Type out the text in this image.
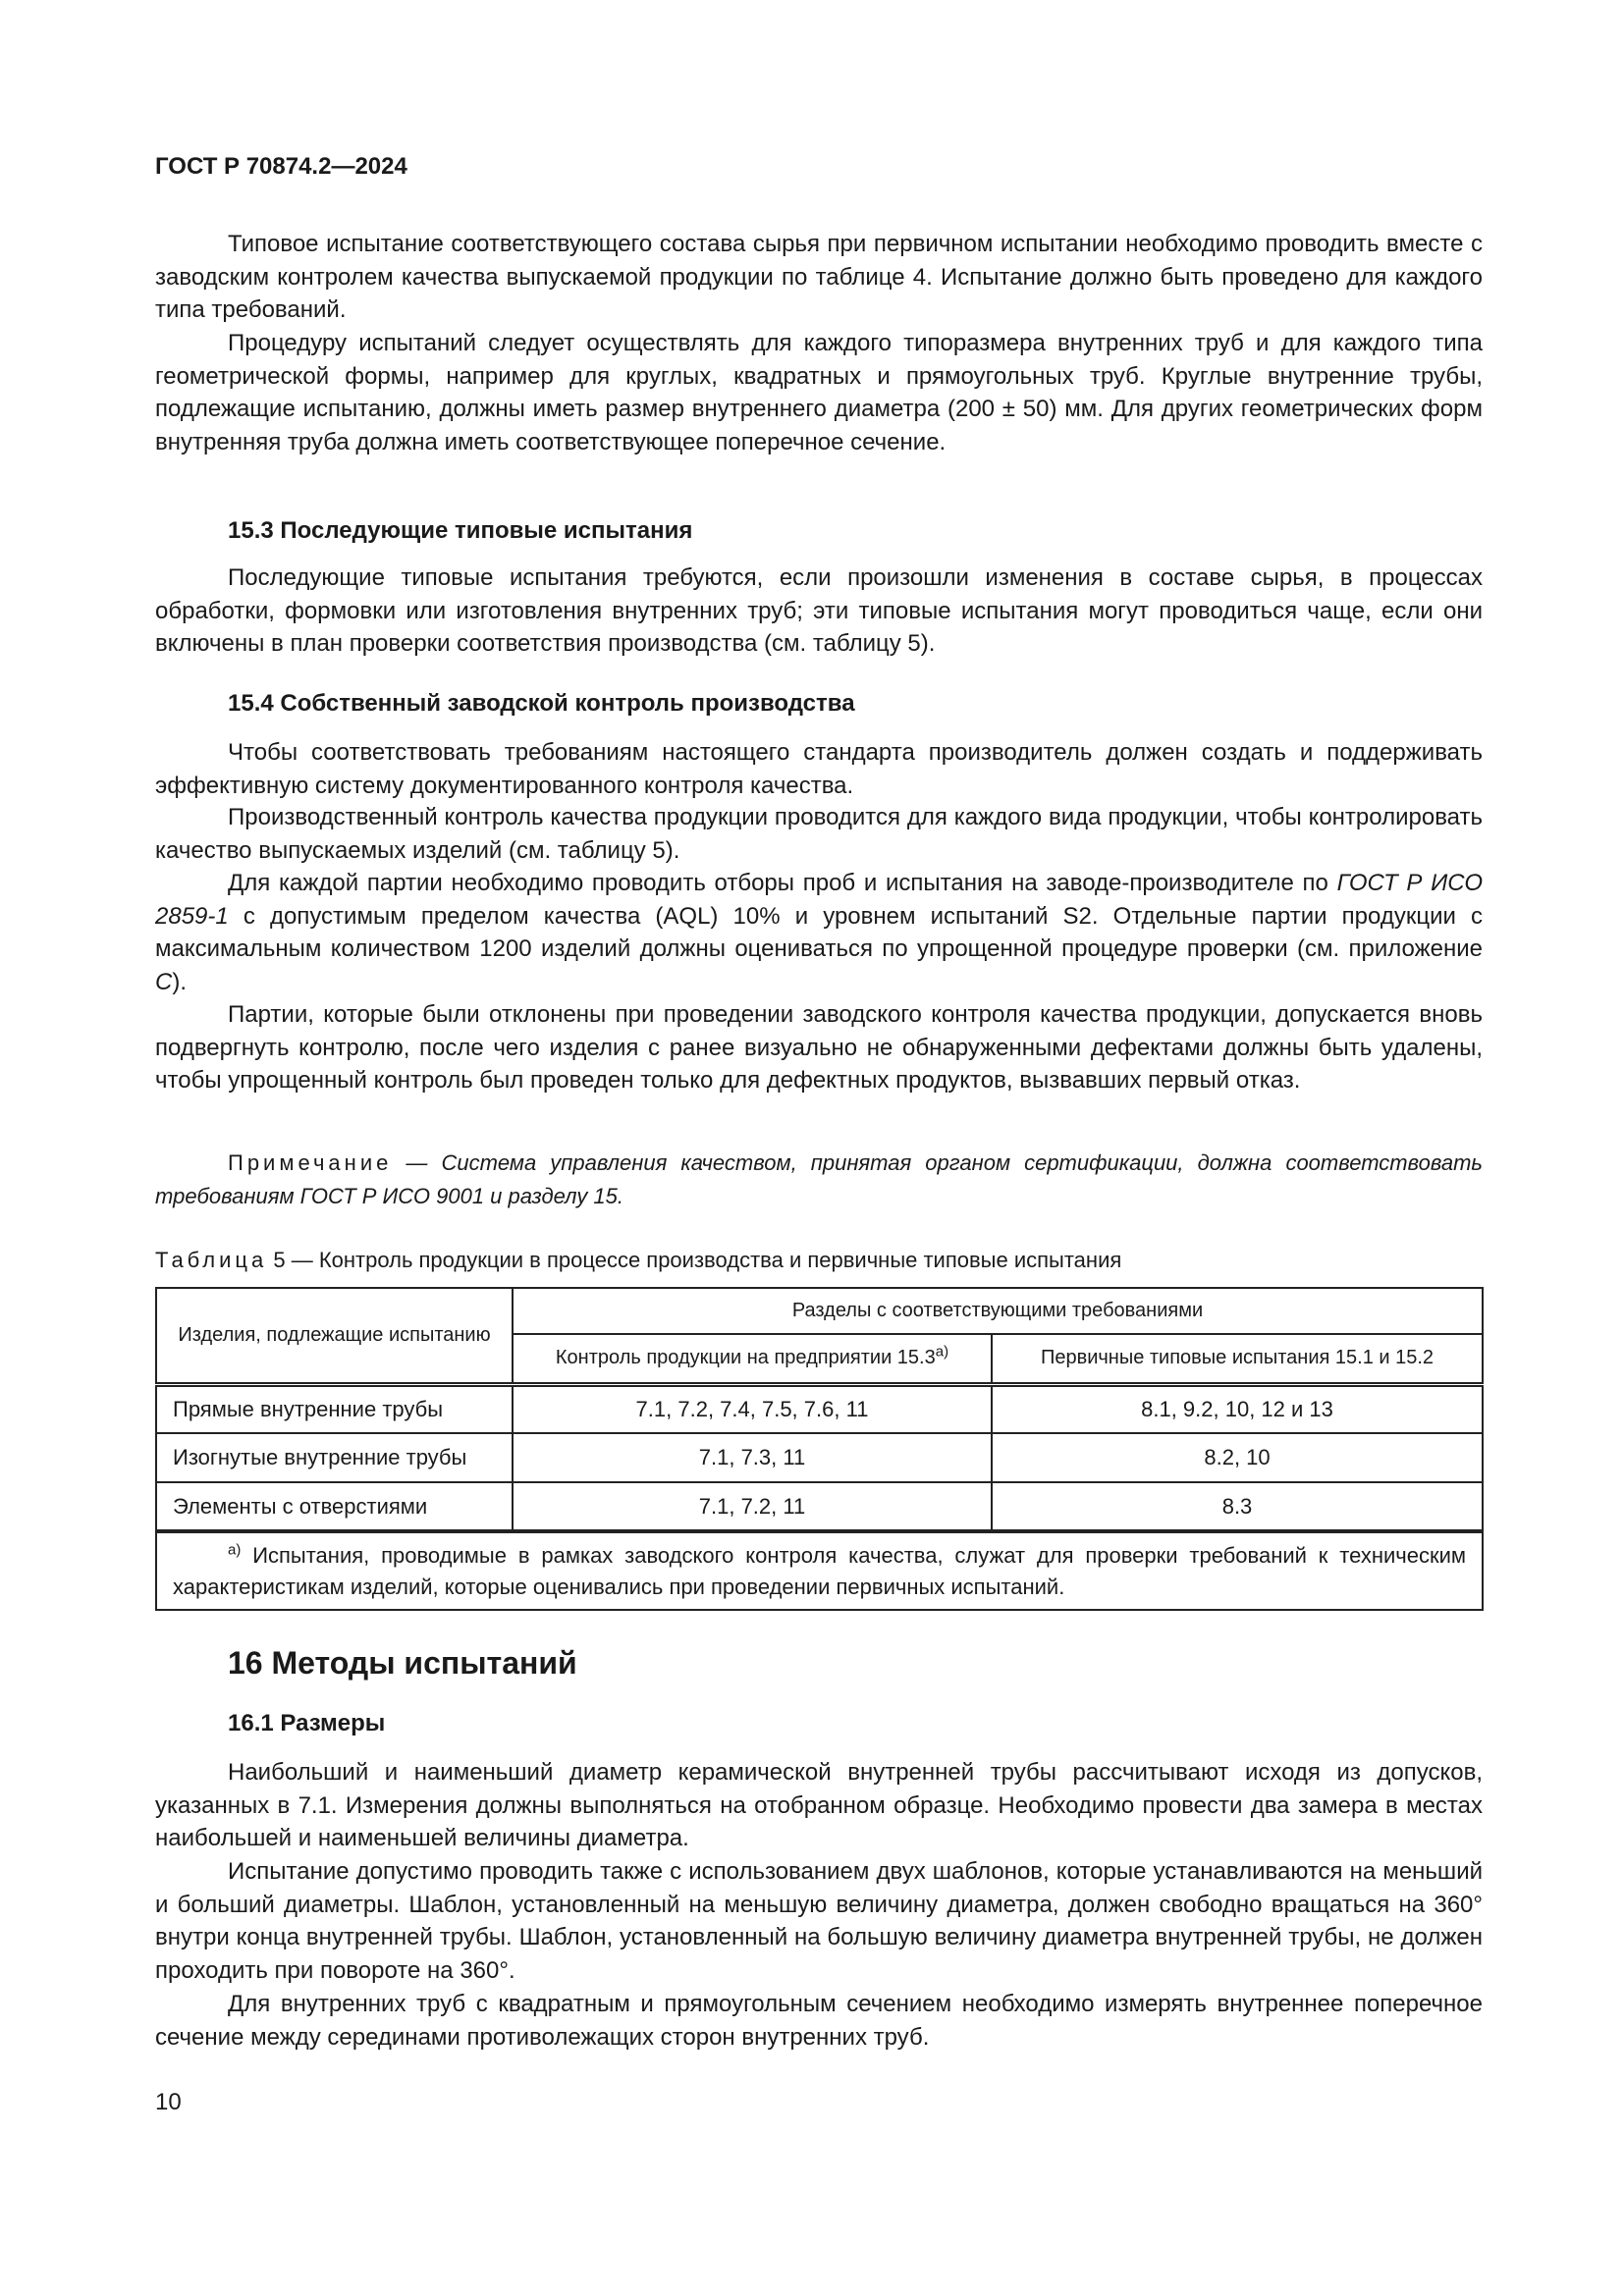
ГОСТ Р 70874.2—2024
Типовое испытание соответствующего состава сырья при первичном испытании необходимо проводить вместе с заводским контролем качества выпускаемой продукции по таблице 4. Испытание должно быть проведено для каждого типа требований.
Процедуру испытаний следует осуществлять для каждого типоразмера внутренних труб и для каждого типа геометрической формы, например для круглых, квадратных и прямоугольных труб. Круглые внутренние трубы, подлежащие испытанию, должны иметь размер внутреннего диаметра (200 ± 50) мм. Для других геометрических форм внутренняя труба должна иметь соответствующее поперечное сечение.
15.3 Последующие типовые испытания
Последующие типовые испытания требуются, если произошли изменения в составе сырья, в процессах обработки, формовки или изготовления внутренних труб; эти типовые испытания могут проводиться чаще, если они включены в план проверки соответствия производства (см. таблицу 5).
15.4 Собственный заводской контроль производства
Чтобы соответствовать требованиям настоящего стандарта производитель должен создать и поддерживать эффективную систему документированного контроля качества.
Производственный контроль качества продукции проводится для каждого вида продукции, чтобы контролировать качество выпускаемых изделий (см. таблицу 5).
Для каждой партии необходимо проводить отборы проб и испытания на заводе-производителе по ГОСТ Р ИСО 2859-1 с допустимым пределом качества (AQL) 10% и уровнем испытаний S2. Отдельные партии продукции с максимальным количеством 1200 изделий должны оцениваться по упрощенной процедуре проверки (см. приложение С).
Партии, которые были отклонены при проведении заводского контроля качества продукции, допускается вновь подвергнуть контролю, после чего изделия с ранее визуально не обнаруженными дефектами должны быть удалены, чтобы упрощенный контроль был проведен только для дефектных продуктов, вызвавших первый отказ.
Примечание — Система управления качеством, принятая органом сертификации, должна соответствовать требованиям ГОСТ Р ИСО 9001 и разделу 15.
Таблица 5 — Контроль продукции в процессе производства и первичные типовые испытания
Изделия, подлежащие испытанию	Разделы с соответствующими требованиями	
	Контроль продукции на предприятии $15.3^{а)}$	Первичные типовые испытания 15.1 и 15.2
Прямые внутренние трубы	7.1, 7.2, 7.4, 7.5, 7.6, 11	8.1, 9.2, 10, 12 и 13
Изогнутые внутренние трубы	7.1, 7.3, 11	8.2, 10
Элементы с отверстиями	7.1, 7.2, 11	8.3
$^{а)}$ Испытания, проводимые в рамках заводского контроля качества, служат для проверки требований к техническим характеристикам изделий, которые оценивались при проведении первичных испытаний.		
16 Методы испытаний
16.1 Размеры
Наибольший и наименьший диаметр керамической внутренней трубы рассчитывают исходя из допусков, указанных в 7.1. Измерения должны выполняться на отобранном образце. Необходимо провести два замера в местах наибольшей и наименьшей величины диаметра.
Испытание допустимо проводить также с использованием двух шаблонов, которые устанавливаются на меньший и больший диаметры. Шаблон, установленный на меньшую величину диаметра, должен свободно вращаться на 360° внутри конца внутренней трубы. Шаблон, установленный на большую величину диаметра внутренней трубы, не должен проходить при повороте на 360°.
Для внутренних труб с квадратным и прямоугольным сечением необходимо измерять внутреннее поперечное сечение между серединами противолежащих сторон внутренних труб.
10
